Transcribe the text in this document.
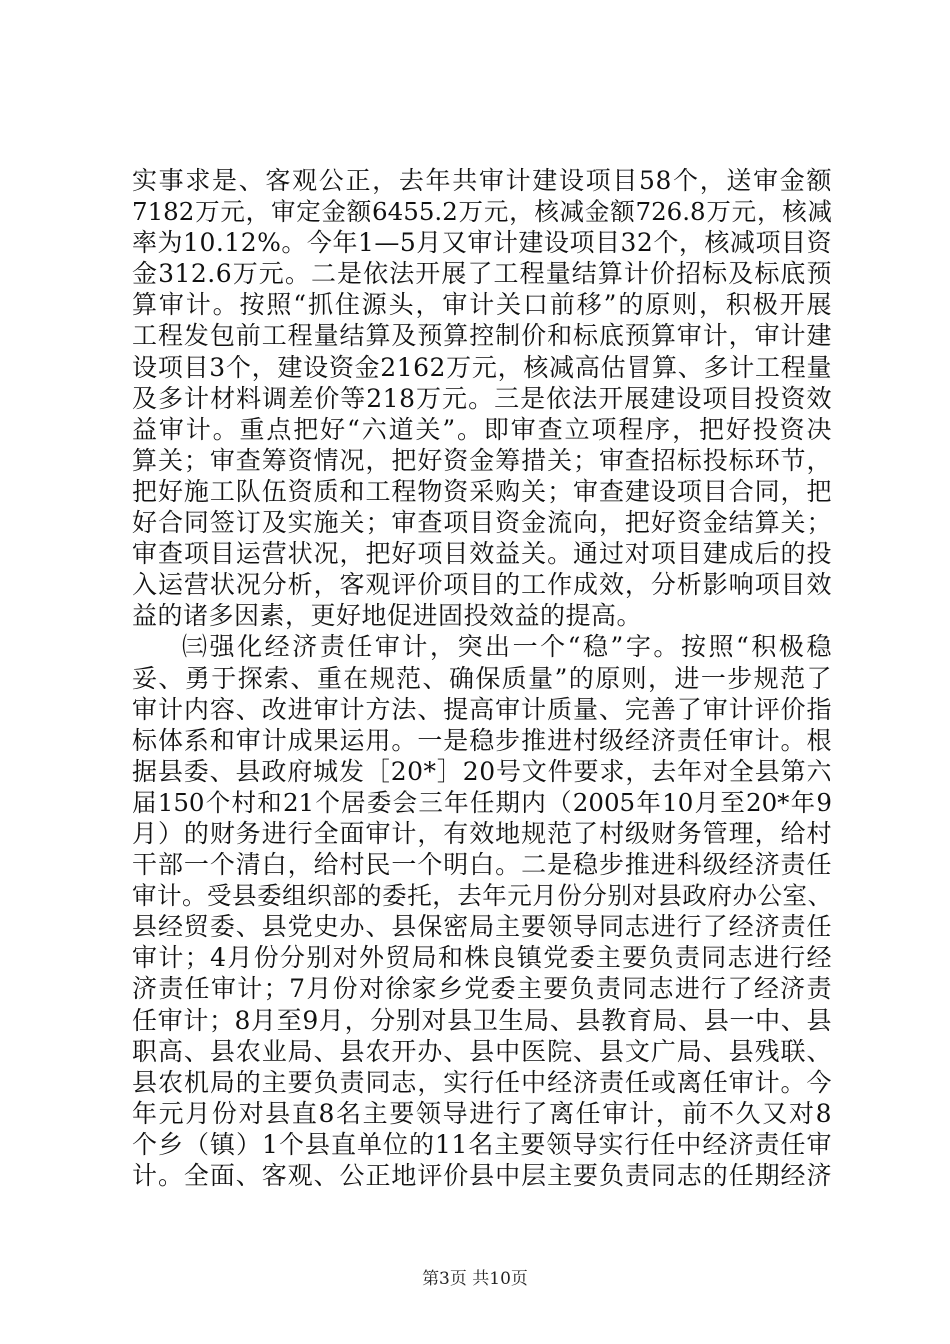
实事求是、客观公正，去年共审计建设项目58个，送审金额
7182万元，审定金额6455.2万元，核减金额726.8万元，核减
率为10.12%。今年1—5月又审计建设项目32个，核减项目资
金312.6万元。二是依法开展了工程量结算计价招标及标底预
算审计。按照“抓住源头，审计关口前移”的原则，积极开展
工程发包前工程量结算及预算控制价和标底预算审计，审计建
设项目3个，建设资金2162万元，核减高估冒算、多计工程量
及多计材料调差价等218万元。三是依法开展建设项目投资效
益审计。重点把好“六道关”。即审查立项程序，把好投资决
算关；审查筹资情况，把好资金筹措关；审查招标投标环节，
把好施工队伍资质和工程物资采购关；审查建设项目合同，把
好合同签订及实施关；审查项目资金流向，把好资金结算关；
审查项目运营状况，把好项目效益关。通过对项目建成后的投
入运营状况分析，客观评价项目的工作成效，分析影响项目效
益的诸多因素，更好地促进固投效益的提高。
㈢强化经济责任审计，突出一个“稳”字。按照“积极稳
妥、勇于探索、重在规范、确保质量”的原则，进一步规范了
审计内容、改进审计方法、提高审计质量、完善了审计评价指
标体系和审计成果运用。一是稳步推进村级经济责任审计。根
据县委、县政府城发［20*］20号文件要求，去年对全县第六
届150个村和21个居委会三年任期内（2005年10月至20*年9
月）的财务进行全面审计，有效地规范了村级财务管理，给村
干部一个清白，给村民一个明白。二是稳步推进科级经济责任
审计。受县委组织部的委托，去年元月份分别对县政府办公室、
县经贸委、县党史办、县保密局主要领导同志进行了经济责任
审计；4月份分别对外贸局和株良镇党委主要负责同志进行经
济责任审计；7月份对徐家乡党委主要负责同志进行了经济责
任审计；8月至9月，分别对县卫生局、县教育局、县一中、县
职高、县农业局、县农开办、县中医院、县文广局、县残联、
县农机局的主要负责同志，实行任中经济责任或离任审计。今
年元月份对县直8名主要领导进行了离任审计，前不久又对8
个乡（镇）1个县直单位的11名主要领导实行任中经济责任审
计。全面、客观、公正地评价县中层主要负责同志的任期经济
第3页 共10页
